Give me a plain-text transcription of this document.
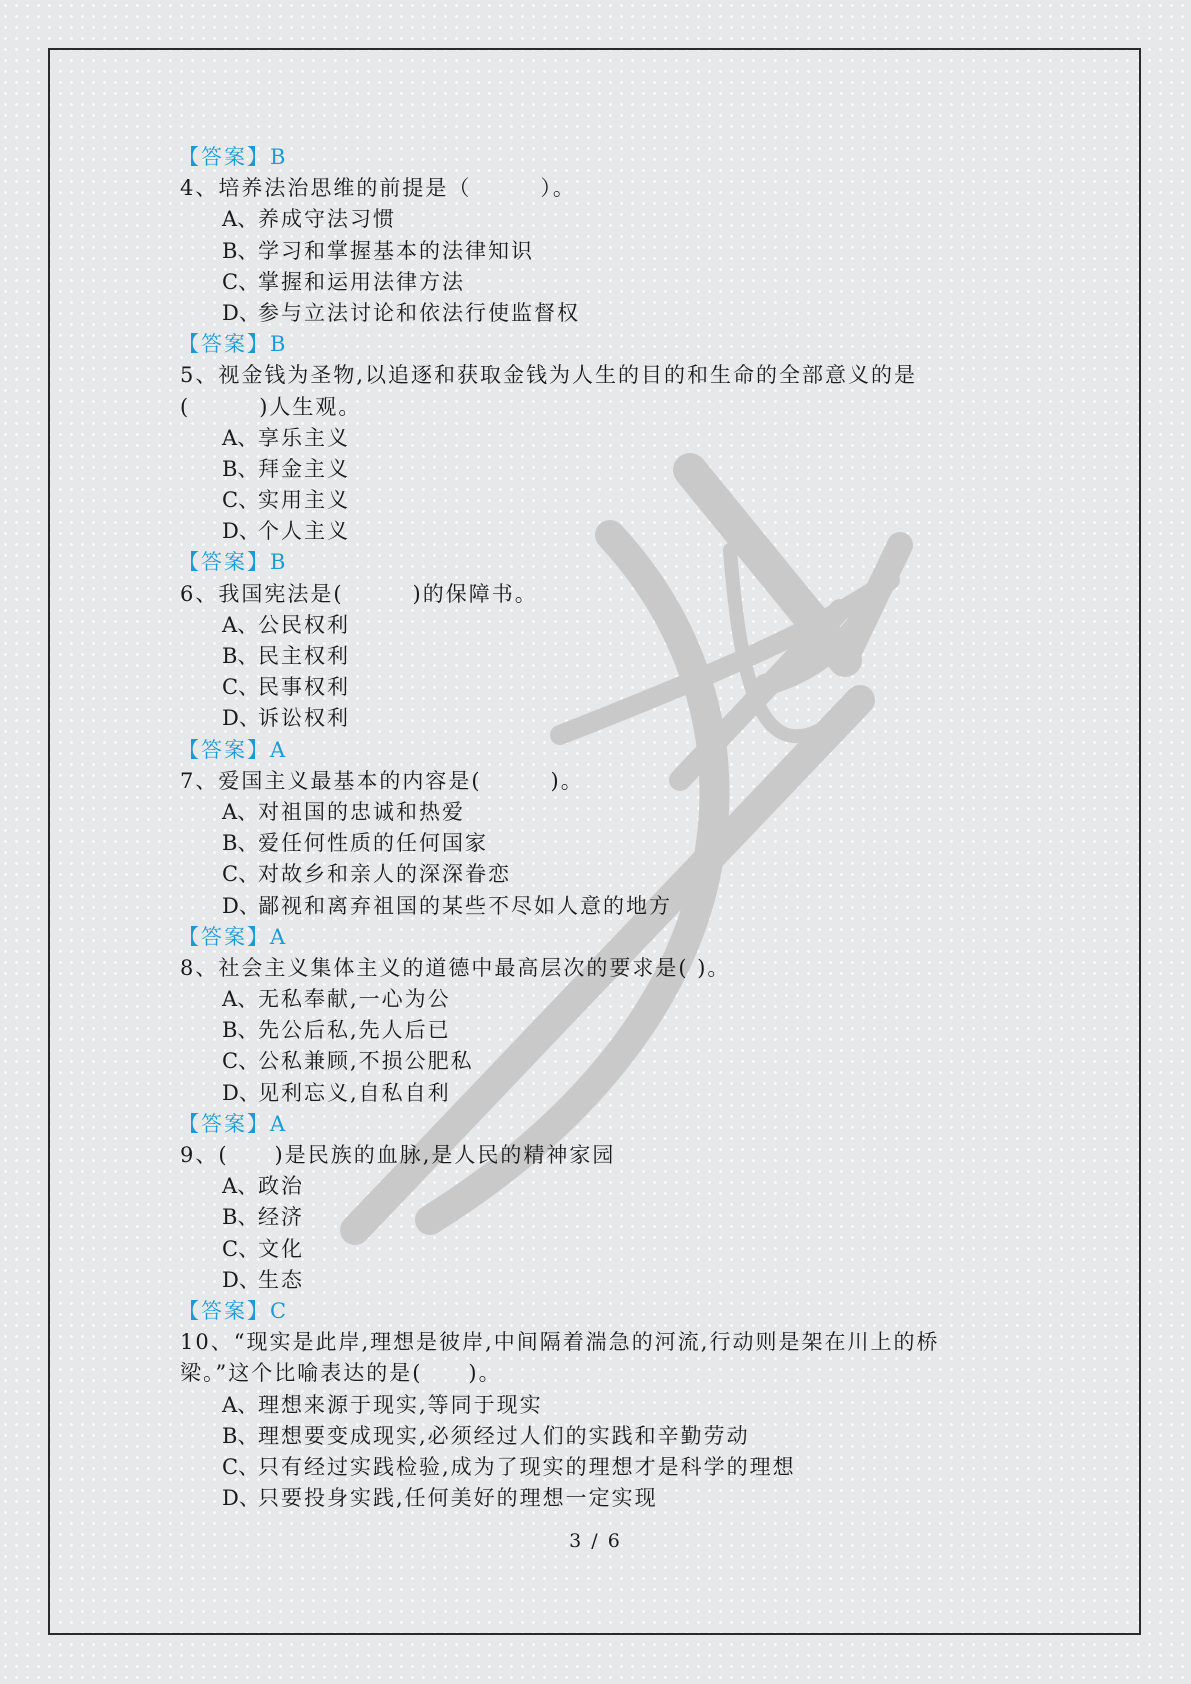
【答案】B
4、培养法治思维的前提是（　　　）。
A、养成守法习惯
B、学习和掌握基本的法律知识
C、掌握和运用法律方法
D、参与立法讨论和依法行使监督权
【答案】B
5、视金钱为圣物,以追逐和获取金钱为人生的目的和生命的全部意义的是
(　　　)人生观。
A、享乐主义
B、拜金主义
C、实用主义
D、个人主义
【答案】B
6、我国宪法是(　　　)的保障书。
A、公民权利
B、民主权利
C、民事权利
D、诉讼权利
【答案】A
7、爱国主义最基本的内容是(　　　)。
A、对祖国的忠诚和热爱
B、爱任何性质的任何国家
C、对故乡和亲人的深深眷恋
D、鄙视和离弃祖国的某些不尽如人意的地方
【答案】A
8、社会主义集体主义的道德中最高层次的要求是( )。
A、无私奉献,一心为公
B、先公后私,先人后已
C、公私兼顾,不损公肥私
D、见利忘义,自私自利
【答案】A
9、(　　)是民族的血脉,是人民的精神家园
A、政治
B、经济
C、文化
D、生态
【答案】C
10、“现实是此岸,理想是彼岸,中间隔着湍急的河流,行动则是架在川上的桥
梁。”这个比喻表达的是(　　)。
A、理想来源于现实,等同于现实
B、理想要变成现实,必须经过人们的实践和辛勤劳动
C、只有经过实践检验,成为了现实的理想才是科学的理想
D、只要投身实践,任何美好的理想一定实现
3 / 6
